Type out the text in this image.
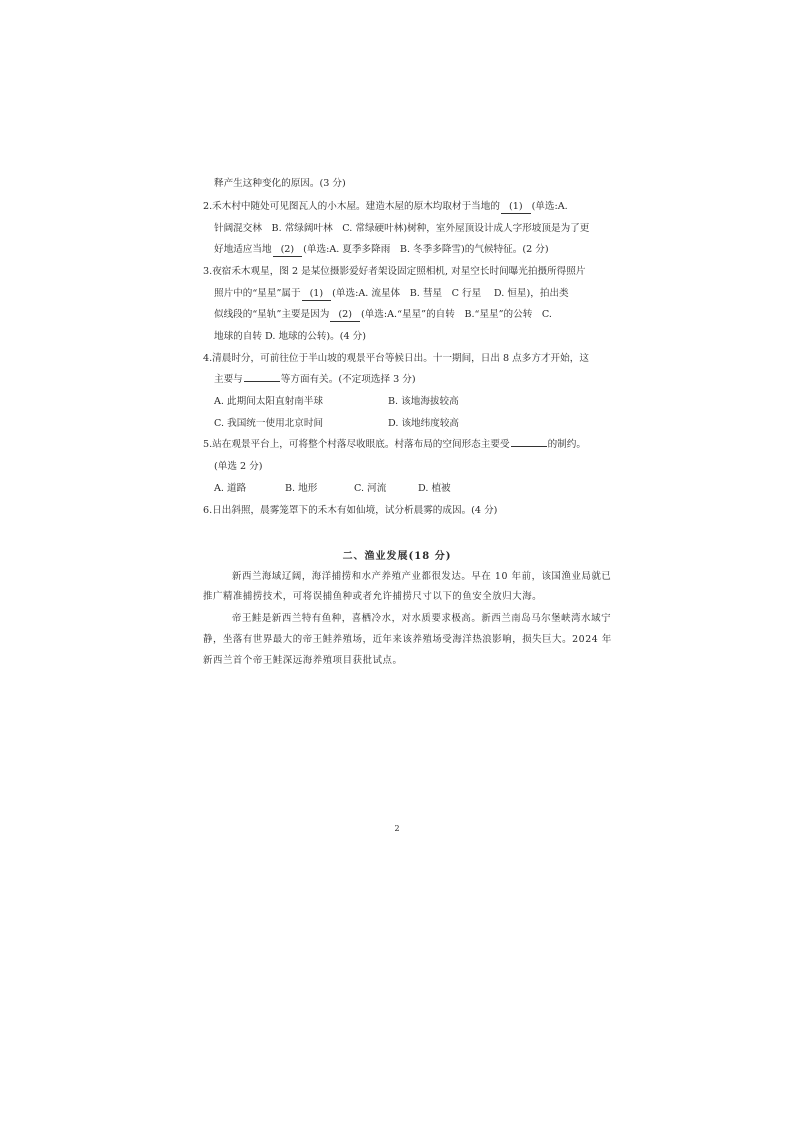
释产生这种变化的原因。(3 分)
2.禾木村中随处可见图瓦人的小木屋。建造木屋的原木均取材于当地的 (1) (单选:A.
针阔混交林　B. 常绿阔叶林　C. 常绿硬叶林)树种，室外屋顶设计成人字形坡顶是为了更
好地适应当地 (2) (单选:A. 夏季多降雨　B. 冬季多降雪)的气候特征。(2 分)
3.夜宿禾木观星，图 2 是某位摄影爱好者架设固定照相机, 对星空长时间曝光拍摄所得照片
照片中的“星星”属于 (1) (单选:A. 流星体　B. 彗星　C 行星　 D. 恒星)，拍出类
似线段的“星轨”主要是因为 (2) (单选:A.“星星”的自转　B.“星星”的公转　C.
地球的自转 D. 地球的公转)。(4 分)
4.清晨时分，可前往位于半山坡的观景平台等候日出。十一期间，日出 8 点多方才开始，这
主要与	等方面有关。(不定项选择 3 分)
A. 此期间太阳直射南半球	B. 该地海拔较高
C. 我国统一使用北京时间	D. 该地纬度较高
5.站在观景平台上，可将整个村落尽收眼底。村落布局的空间形态主要受	的制约。
(单选 2 分)
A. 道路	B. 地形	C. 河流	D. 植被
6.日出斜照，晨雾笼罩下的禾木有如仙境，试分析晨雾的成因。(4 分)
二、渔业发展(18 分)
新西兰海域辽阔，海洋捕捞和水产养殖产业都很发达。早在 10 年前，该国渔业局就已
推广精准捕捞技术，可将误捕鱼种或者允许捕捞尺寸以下的鱼安全放归大海。
帝王鲑是新西兰特有鱼种，喜栖冷水，对水质要求极高。新西兰南岛马尔堡峡湾水域宁
静，坐落有世界最大的帝王鲑养殖场，近年来该养殖场受海洋热浪影响，损失巨大。2024 年
新西兰首个帝王鲑深远海养殖项目获批试点。
2
